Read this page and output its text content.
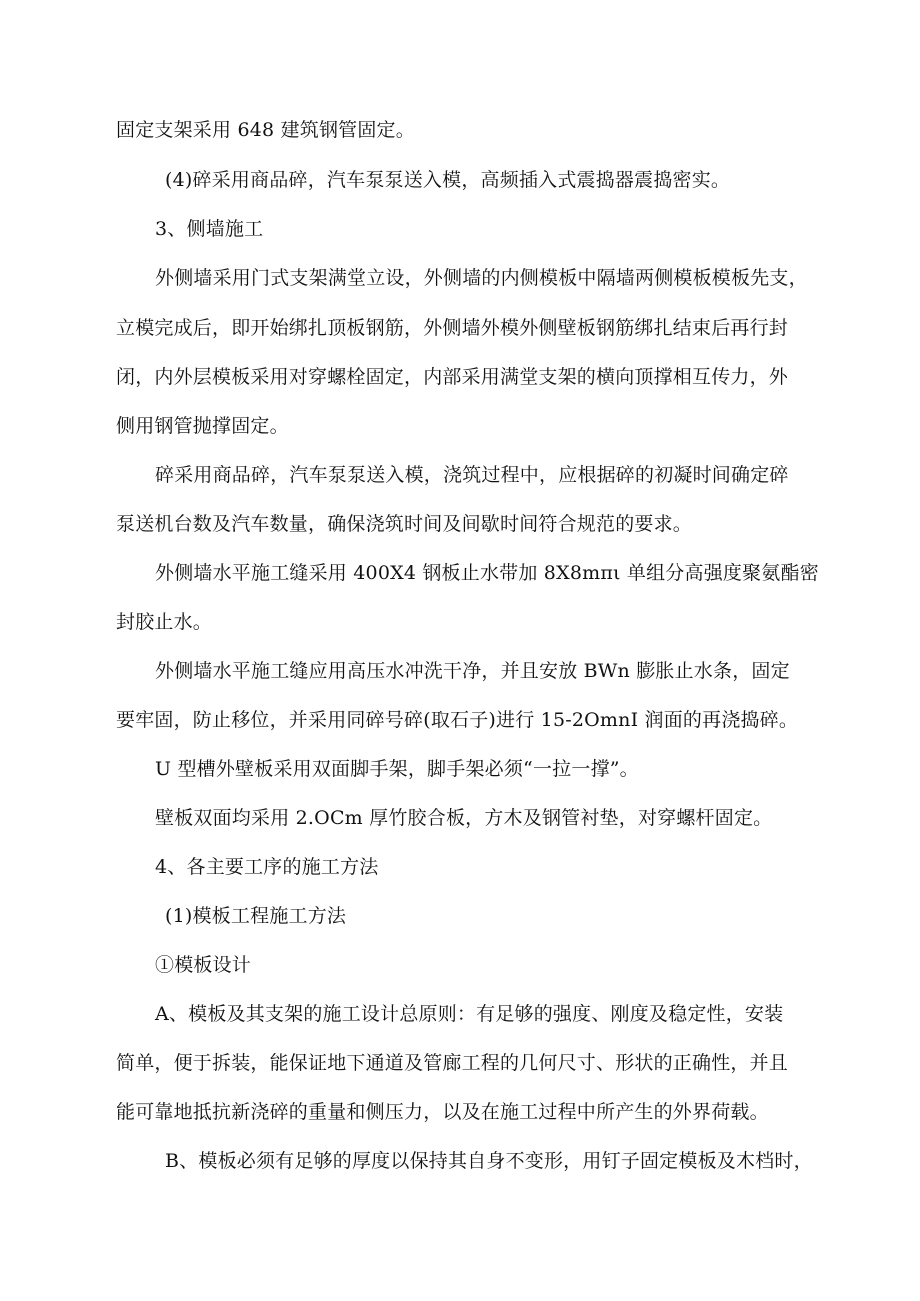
固定支架采用 648 建筑钢管固定。
(4)碎采用商品碎，汽车泵泵送入模，高频插入式震捣器震捣密实。
3、侧墙施工
外侧墙采用门式支架满堂立设，外侧墙的内侧模板中隔墙两侧模板模板先支，
立模完成后，即开始绑扎顶板钢筋，外侧墙外模外侧壁板钢筋绑扎结束后再行封
闭，内外层模板采用对穿螺栓固定，内部采用满堂支架的横向顶撑相互传力，外
侧用钢管抛撑固定。
碎采用商品碎，汽车泵泵送入模，浇筑过程中，应根据碎的初凝时间确定碎
泵送机台数及汽车数量，确保浇筑时间及间歇时间符合规范的要求。
外侧墙水平施工缝采用 400X4 钢板止水带加 8X8mπι 单组分高强度聚氨酯密
封胶止水。
外侧墙水平施工缝应用高压水冲洗干净，并且安放 BWn 膨胀止水条，固定
要牢固，防止移位，并采用同碎号碎(取石子)进行 15-2OmnI 润面的再浇捣碎。
U 型槽外壁板采用双面脚手架，脚手架必须“一拉一撑”。
壁板双面均采用 2.OCm 厚竹胶合板，方木及钢管衬垫，对穿螺杆固定。
4、各主要工序的施工方法
(1)模板工程施工方法
①模板设计
A、模板及其支架的施工设计总原则：有足够的强度、刚度及稳定性，安装
简单，便于拆装，能保证地下通道及管廊工程的几何尺寸、形状的正确性，并且
能可靠地抵抗新浇碎的重量和侧压力，以及在施工过程中所产生的外界荷载。
B、模板必须有足够的厚度以保持其自身不变形，用钉子固定模板及木档时，
